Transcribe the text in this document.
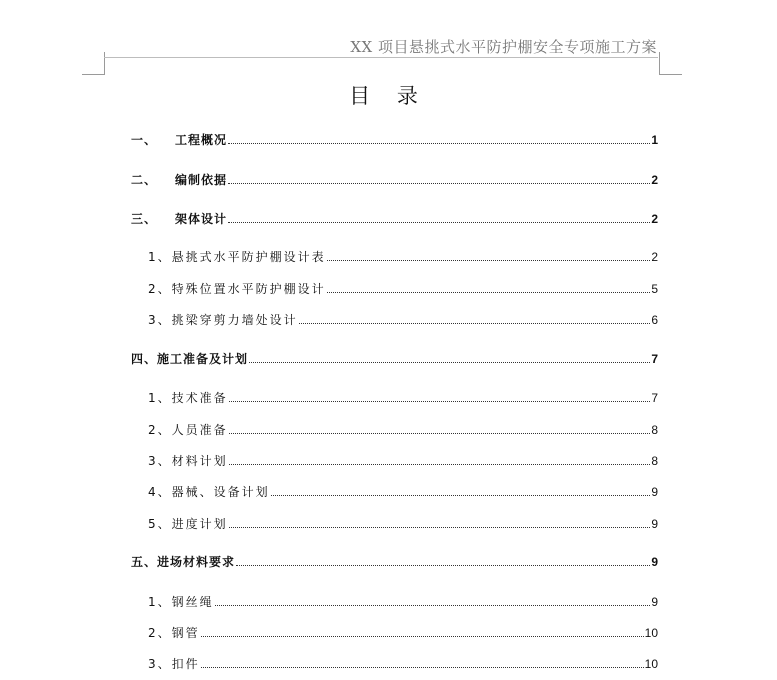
XX 项目悬挑式水平防护棚安全专项施工方案
目 录
一、 工程概况	1
二、 编制依据	2
三、 架体设计	2
1、 悬挑式水平防护棚设计表	2
2、 特殊位置水平防护棚设计	5
3、 挑梁穿剪力墙处设计	6
四、 施工准备及计划	7
1、 技术准备	7
2、 人员准备	8
3、 材料计划	8
4、 器械、设备计划	9
5、 进度计划	9
五、 进场材料要求	9
1、 钢丝绳	9
2、 钢管	10
3、 扣件	10
